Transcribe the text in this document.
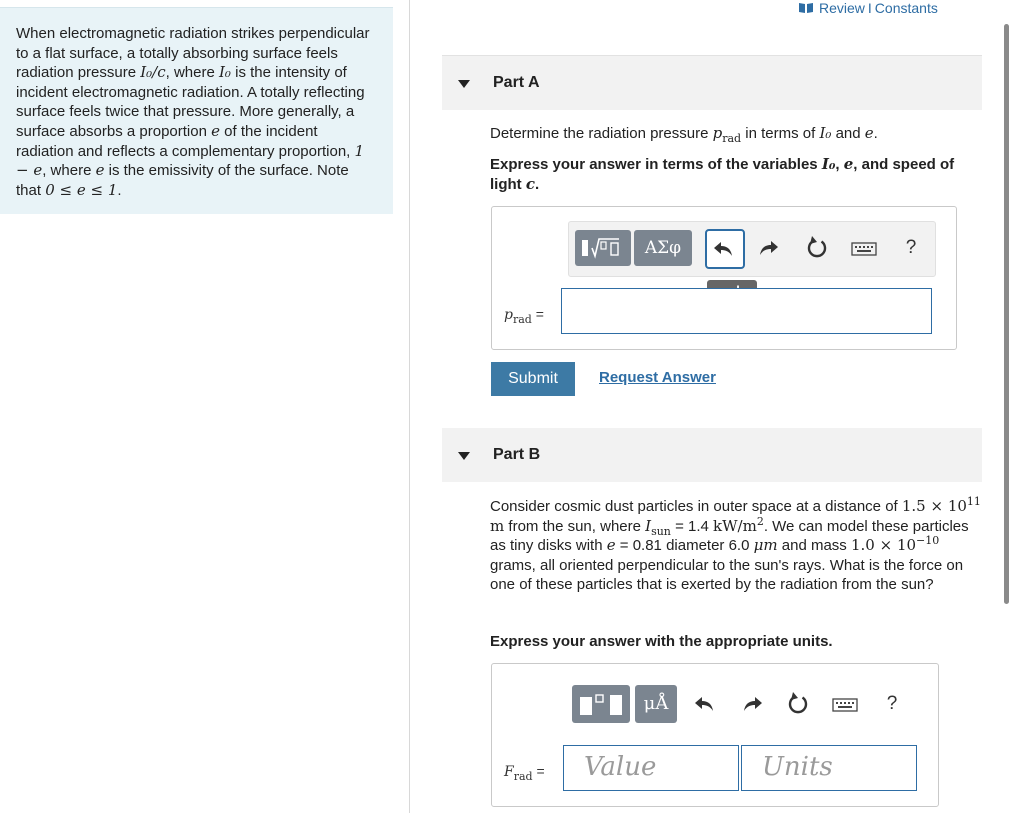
When electromagnetic radiation strikes perpendicular to a flat surface, a totally absorbing surface feels radiation pressure I₀/c, where I₀ is the intensity of incident electromagnetic radiation. A totally reflecting surface feels twice that pressure. More generally, a surface absorbs a proportion e of the incident radiation and reflects a complementary proportion, 1 − e, where e is the emissivity of the surface. Note that 0 ≤ e ≤ 1.
Review I Constants
Part A
Determine the radiation pressure $p_{rad}$ in terms of I₀ and e.
Express your answer in terms of the variables I₀, e, and speed of light c.
ΑΣφ	?
$p_{rad}$ =
Submit	Request Answer
Part B
Consider cosmic dust particles in outer space at a distance of $1.5 \times 10^{11}$ m from the sun, where $I_{sun} = 1.4$ $kW/m^2$. We can model these particles as tiny disks with e = 0.81 diameter 6.0 μm and mass $1.0 \times 10^{-10}$ grams, all oriented perpendicular to the sun's rays. What is the force on one of these particles that is exerted by the radiation from the sun?
Express your answer with the appropriate units.
μÅ	?
$F_{rad}$ = Value	Units
